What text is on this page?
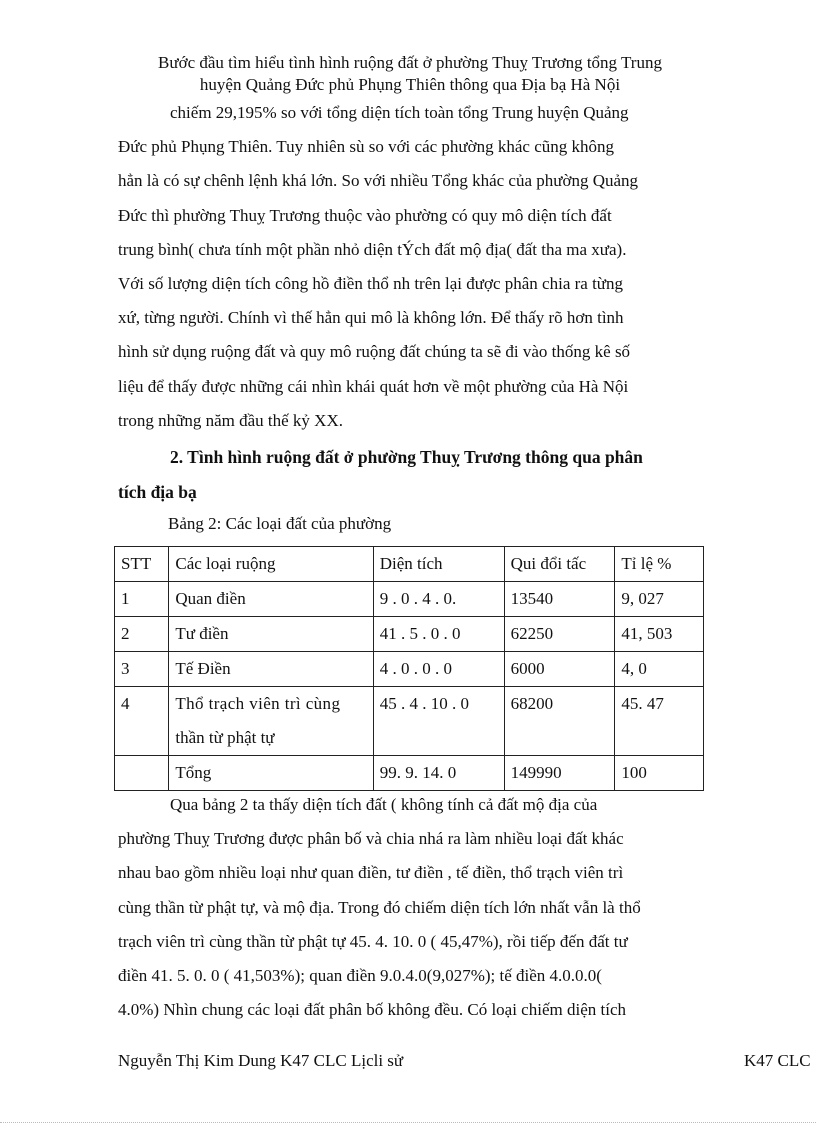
Bước đầu tìm hiểu tình hình ruộng đất ở phường Thuỵ Trương tổng Trung
huyện Quảng Đức phủ Phụng Thiên thông qua Địa bạ Hà Nội
chiếm 29,195% so với tổng diện tích toàn tổng Trung huyện Quảng
Đức phủ Phụng Thiên. Tuy nhiên sù so với các phường khác cũng không
hẳn là có sự chênh lệnh khá lớn. So với nhiều Tổng khác của phường Quảng
Đức thì phường Thuỵ Trương thuộc vào phường có quy mô diện tích đất
trung bình( chưa tính một phần nhỏ diện tÝch đất mộ địa( đất tha ma xưa).
Với số lượng diện tích công hồ điền thổ nh trên lại được phân chia ra từng
xứ, từng người. Chính vì thế hẳn qui mô là không lớn. Để thấy rõ hơn tình
hình sử dụng ruộng đất và quy mô ruộng đất chúng ta sẽ đi vào thống kê số
liệu để thấy được những cái nhìn khái quát hơn về một phường của Hà Nội
trong những năm đầu thế kỷ XX.
2. Tình hình ruộng đất ở phường Thuỵ Trương thông qua phân
tích địa bạ
Bảng 2: Các loại đất của phường
STT	Các loại ruộng	Diện tích	Qui đổi tấc	Tỉ lệ %
1	Quan điền	9 . 0 . 4 . 0.	13540	9, 027
2	Tư điền	41 . 5 . 0 . 0	62250	41, 503
3	Tế Điền	4 . 0 . 0 . 0	6000	4, 0
4	Thổ trạch viên trì cùng
thần từ phật tự	45 . 4 . 10 . 0	68200	45. 47
	Tổng	99. 9. 14. 0	149990	100
Qua bảng 2 ta thấy diện tích đất ( không tính cả đất mộ địa của
phường Thuỵ Trương được phân bố và chia nhá ra làm nhiều loại đất khác
nhau bao gồm nhiều loại như quan điền, tư điền , tế điền, thổ trạch viên trì
cùng thần từ phật tự, và mộ địa. Trong đó chiếm diện tích lớn nhất vẫn là thổ
trạch viên trì cùng thần từ phật tự 45. 4. 10. 0 ( 45,47%), rồi tiếp đến đất tư
điền 41. 5. 0. 0 ( 41,503%); quan điền 9.0.4.0(9,027%); tế điền 4.0.0.0(
4.0%) Nhìn chung các loại đất phân bố không đều. Có loại chiếm diện tích
Nguyễn Thị Kim Dung K47 CLC Lịcli sử	K47 CLC
